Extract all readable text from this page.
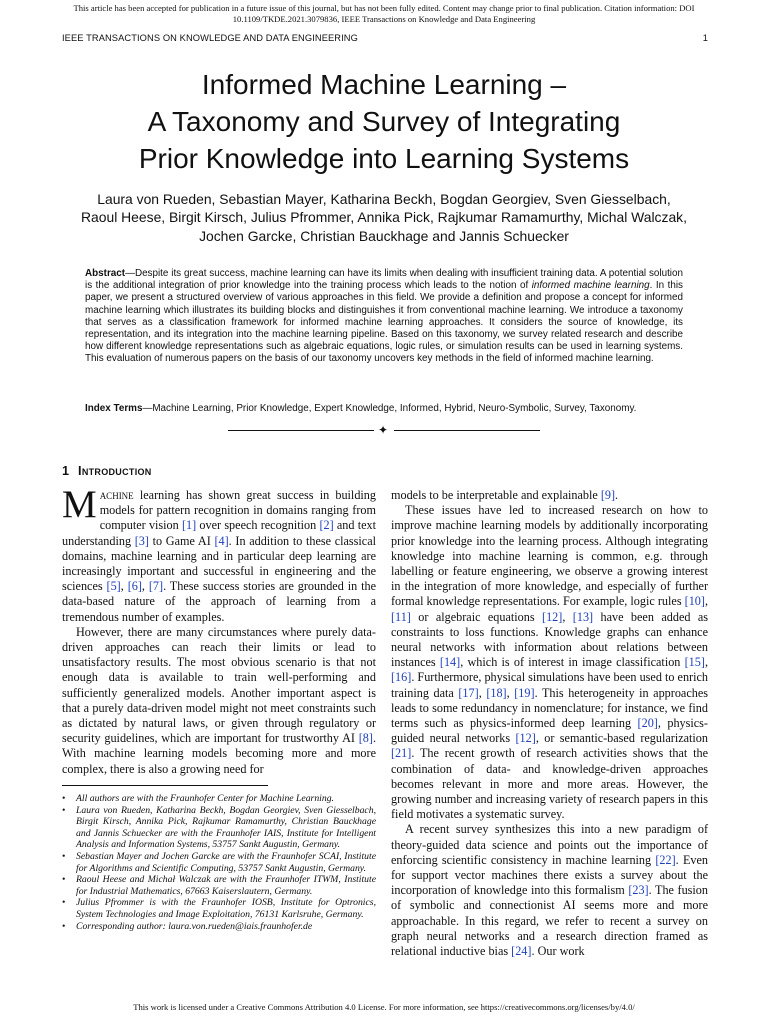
This article has been accepted for publication in a future issue of this journal, but has not been fully edited. Content may change prior to final publication. Citation information: DOI 10.1109/TKDE.2021.3079836, IEEE Transactions on Knowledge and Data Engineering
IEEE TRANSACTIONS ON KNOWLEDGE AND DATA ENGINEERING	1
Informed Machine Learning –
A Taxonomy and Survey of Integrating
Prior Knowledge into Learning Systems
Laura von Rueden, Sebastian Mayer, Katharina Beckh, Bogdan Georgiev, Sven Giesselbach,
Raoul Heese, Birgit Kirsch, Julius Pfrommer, Annika Pick, Rajkumar Ramamurthy, Michal Walczak,
Jochen Garcke, Christian Bauckhage and Jannis Schuecker

Abstract—Despite its great success, machine learning can have its limits when dealing with insufficient training data. A potential solution is the additional integration of prior knowledge into the training process which leads to the notion of informed machine learning. In this paper, we present a structured overview of various approaches in this field. We provide a definition and propose a concept for informed machine learning which illustrates its building blocks and distinguishes it from conventional machine learning. We introduce a taxonomy that serves as a classification framework for informed machine learning approaches. It considers the source of knowledge, its representation, and its integration into the machine learning pipeline. Based on this taxonomy, we survey related research and describe how different knowledge representations such as algebraic equations, logic rules, or simulation results can be used in learning systems. This evaluation of numerous papers on the basis of our taxonomy uncovers key methods in the field of informed machine learning.

Index Terms—Machine Learning, Prior Knowledge, Expert Knowledge, Informed, Hybrid, Neuro-Symbolic, Survey, Taxonomy.

✦
1 Introduction

Machine learning has shown great success in building models for pattern recognition in domains ranging from computer vision [1] over speech recognition [2] and text understanding [3] to Game AI [4]. In addition to these classical domains, machine learning and in particular deep learning are increasingly important and successful in engineering and the sciences [5], [6], [7]. These success stories are grounded in the data-based nature of the approach of learning from a tremendous number of examples.

However, there are many circumstances where purely data-driven approaches can reach their limits or lead to unsatisfactory results. The most obvious scenario is that not enough data is available to train well-performing and sufficiently generalized models. Another important aspect is that a purely data-driven model might not meet constraints such as dictated by natural laws, or given through regulatory or security guidelines, which are important for trustworthy AI [8]. With machine learning models becoming more and more complex, there is also a growing need for

• All authors are with the Fraunhofer Center for Machine Learning.
• Laura von Rueden, Katharina Beckh, Bogdan Georgiev, Sven Giesselbach, Birgit Kirsch, Annika Pick, Rajkumar Ramamurthy, Christian Bauckhage and Jannis Schuecker are with the Fraunhofer IAIS, Institute for Intelligent Analysis and Information Systems, 53757 Sankt Augustin, Germany.
• Sebastian Mayer and Jochen Garcke are with the Fraunhofer SCAI, Institute for Algorithms and Scientific Computing, 53757 Sankt Augustin, Germany.
• Raoul Heese and Michał Walczak are with the Fraunhofer ITWM, Institute for Industrial Mathematics, 67663 Kaiserslautern, Germany.
• Julius Pfrommer is with the Fraunhofer IOSB, Institute for Optronics, System Technologies and Image Exploitation, 76131 Karlsruhe, Germany.
• Corresponding author: laura.von.rueden@iais.fraunhofer.de

models to be interpretable and explainable [9].

These issues have led to increased research on how to improve machine learning models by additionally incorporating prior knowledge into the learning process. Although integrating knowledge into machine learning is common, e.g. through labelling or feature engineering, we observe a growing interest in the integration of more knowledge, and especially of further formal knowledge representations. For example, logic rules [10], [11] or algebraic equations [12], [13] have been added as constraints to loss functions. Knowledge graphs can enhance neural networks with information about relations between instances [14], which is of interest in image classification [15], [16]. Furthermore, physical simulations have been used to enrich training data [17], [18], [19]. This heterogeneity in approaches leads to some redundancy in nomenclature; for instance, we find terms such as physics-informed deep learning [20], physics-guided neural networks [12], or semantic-based regularization [21]. The recent growth of research activities shows that the combination of data- and knowledge-driven approaches becomes relevant in more and more areas. However, the growing number and increasing variety of research papers in this field motivates a systematic survey.

A recent survey synthesizes this into a new paradigm of theory-guided data science and points out the importance of enforcing scientific consistency in machine learning [22]. Even for support vector machines there exists a survey about the incorporation of knowledge into this formalism [23]. The fusion of symbolic and connectionist AI seems more and more approachable. In this regard, we refer to recent a survey on graph neural networks and a research direction framed as relational inductive bias [24]. Our work

This work is licensed under a Creative Commons Attribution 4.0 License. For more information, see https://creativecommons.org/licenses/by/4.0/
